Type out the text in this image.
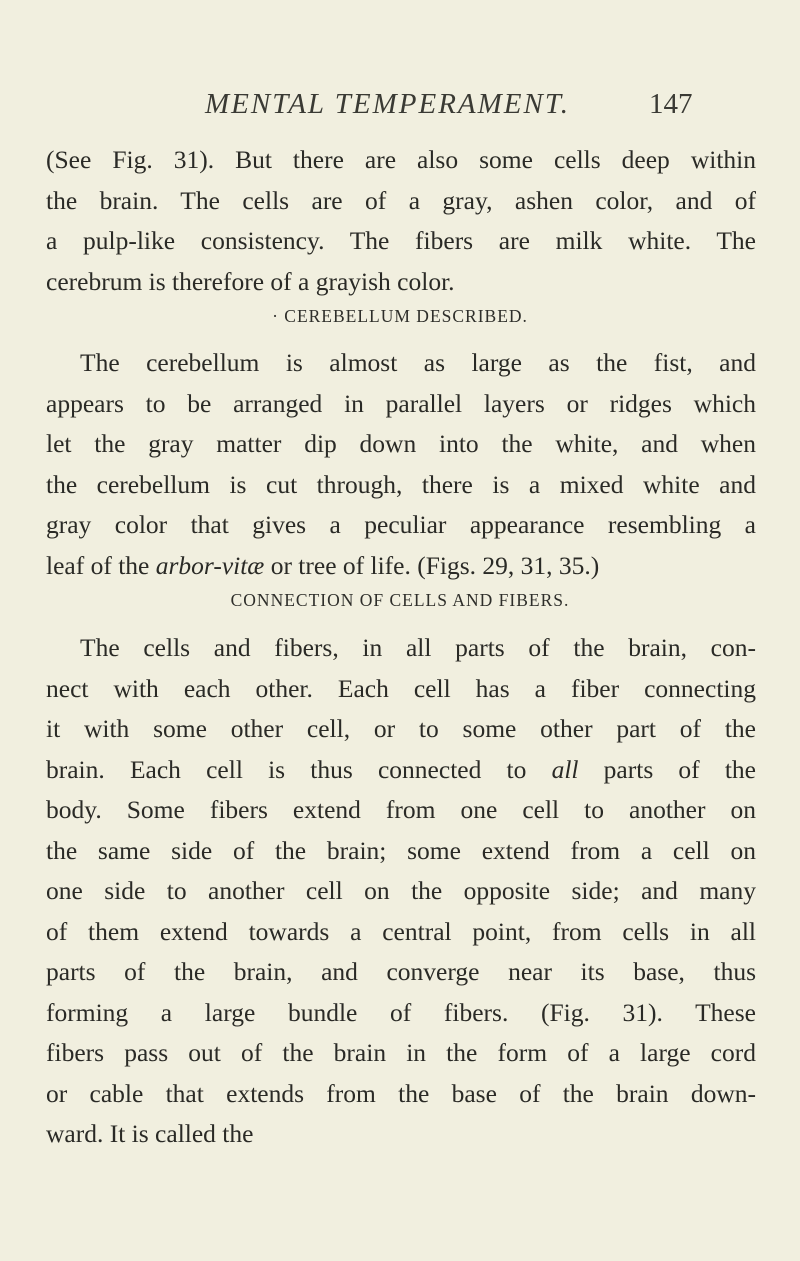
MENTAL TEMPERAMENT.	147
(See Fig. 31). But there are also some cells deep within
the brain. The cells are of a gray, ashen color, and of
a pulp-like consistency. The fibers are milk white. The
cerebrum is therefore of a grayish color.
· CEREBELLUM DESCRIBED.
The cerebellum is almost as large as the fist, and
appears to be arranged in parallel layers or ridges which
let the gray matter dip down into the white, and when
the cerebellum is cut through, there is a mixed white and
gray color that gives a peculiar appearance resembling a
leaf of the arbor-vitæ or tree of life. (Figs. 29, 31, 35.)
CONNECTION OF CELLS AND FIBERS.
The cells and fibers, in all parts of the brain, con-
nect with each other. Each cell has a fiber connecting
it with some other cell, or to some other part of the
brain. Each cell is thus connected to all parts of the
body. Some fibers extend from one cell to another on
the same side of the brain; some extend from a cell on
one side to another cell on the opposite side; and many
of them extend towards a central point, from cells in all
parts of the brain, and converge near its base, thus
forming a large bundle of fibers. (Fig. 31). These
fibers pass out of the brain in the form of a large cord
or cable that extends from the base of the brain down-
ward. It is called the
